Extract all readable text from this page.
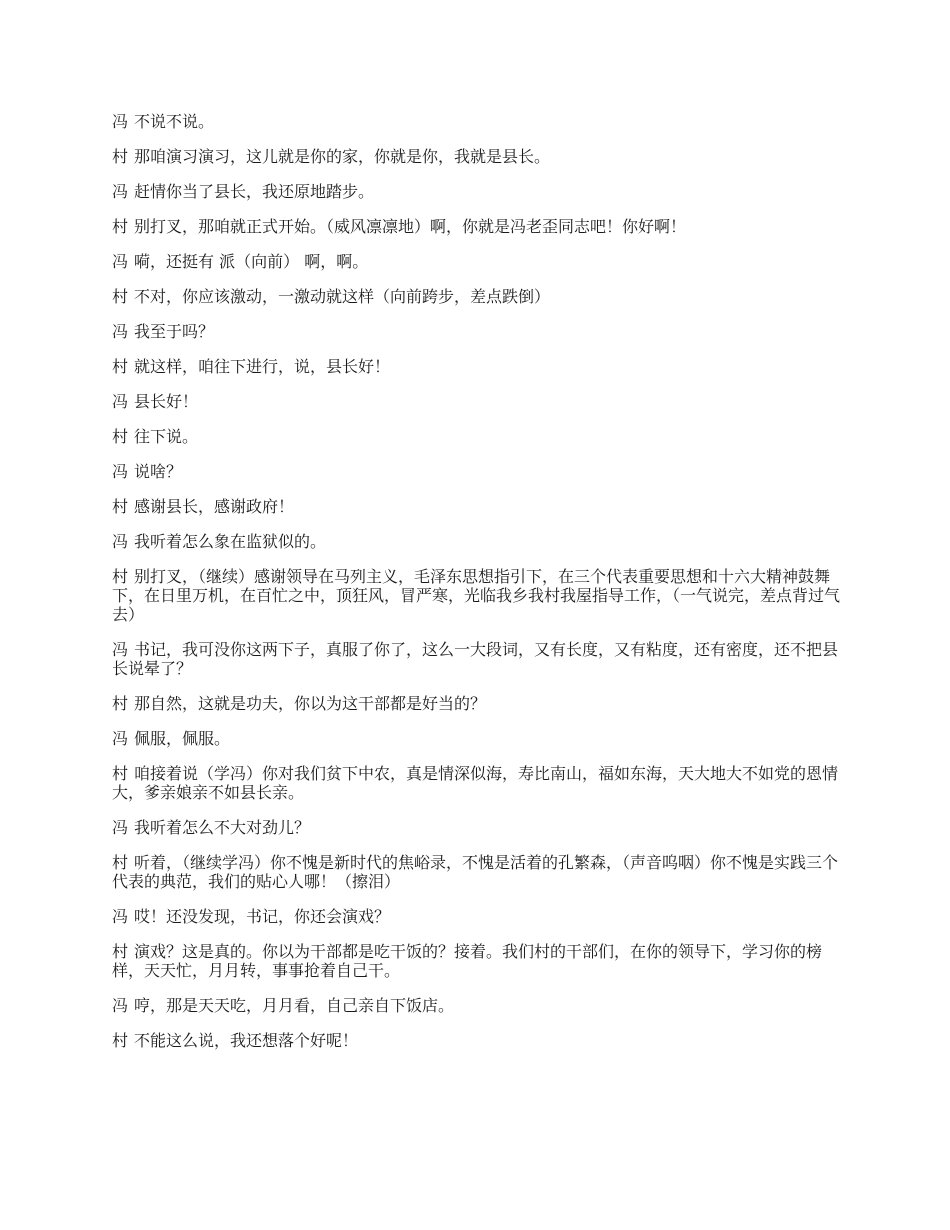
冯 不说不说。

村 那咱演习演习，这儿就是你的家，你就是你，我就是县长。

冯 赶情你当了县长，我还原地踏步。

村 别打叉，那咱就正式开始。（威风凛凛地）啊，你就是冯老歪同志吧！你好啊！

冯 嗬，还挺有 派（向前） 啊，啊。

村 不对，你应该激动，一激动就这样（向前跨步，差点跌倒）

冯 我至于吗？

村 就这样，咱往下进行，说，县长好！

冯 县长好！

村 往下说。

冯 说啥？

村 感谢县长，感谢政府！

冯 我听着怎么象在监狱似的。

村 别打叉，（继续）感谢领导在马列主义，毛泽东思想指引下，在三个代表重要思想和十六大精神鼓舞下，在日里万机，在百忙之中，顶狂风，冒严寒，光临我乡我村我屋指导工作，（一气说完，差点背过气去）

冯 书记，我可没你这两下子，真服了你了，这么一大段词，又有长度，又有粘度，还有密度，还不把县长说晕了？

村 那自然，这就是功夫，你以为这干部都是好当的？

冯 佩服，佩服。

村 咱接着说（学冯）你对我们贫下中农，真是情深似海，寿比南山，福如东海，天大地大不如党的恩情大，爹亲娘亲不如县长亲。

冯 我听着怎么不大对劲儿？

村 听着，（继续学冯）你不愧是新时代的焦峪录，不愧是活着的孔繁森，（声音呜咽）你不愧是实践三个代表的典范，我们的贴心人哪！（擦泪）

冯 哎！还没发现，书记，你还会演戏？

村 演戏？这是真的。你以为干部都是吃干饭的？接着。我们村的干部们，在你的领导下，学习你的榜样，天天忙，月月转，事事抢着自己干。

冯 哼，那是天天吃，月月看，自己亲自下饭店。

村 不能这么说，我还想落个好呢！
